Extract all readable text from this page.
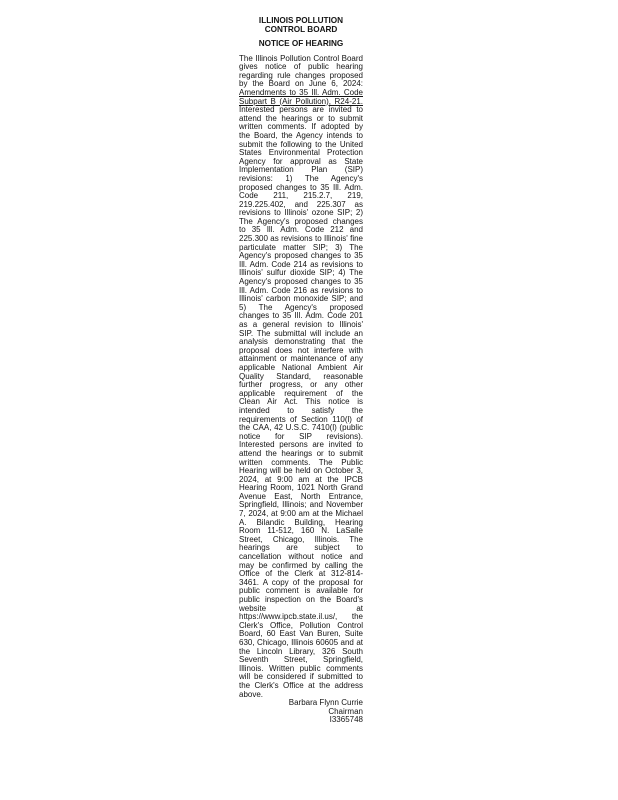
ILLINOIS POLLUTION
CONTROL BOARD
NOTICE OF HEARING

The Illinois Pollution Control Board gives notice of public hearing regarding rule changes proposed by the Board on June 6, 2024: Amendments to 35 Ill. Adm. Code Subpart B (Air Pollution), R24-21. Interested persons are invited to attend the hearings or to submit written comments. If adopted by the Board, the Agency intends to submit the following to the United States Environmental Protection Agency for approval as State Implementation Plan (SIP) revisions: 1) The Agency's proposed changes to 35 Ill. Adm. Code 211, 215.2.7, 219, 219.225.402, and 225.307 as revisions to Illinois' ozone SIP; 2) The Agency's proposed changes to 35 Ill. Adm. Code 212 and 225.300 as revisions to Illinois' fine particulate matter SIP; 3) The Agency's proposed changes to 35 Ill. Adm. Code 214 as revisions to Illinois' sulfur dioxide SIP; 4) The Agency's proposed changes to 35 Ill. Adm. Code 216 as revisions to Illinois' carbon monoxide SIP; and 5) The Agency's proposed changes to 35 Ill. Adm. Code 201 as a general revision to Illinois' SIP. The submittal will include an analysis demonstrating that the proposal does not interfere with attainment or maintenance of any applicable National Ambient Air Quality Standard, reasonable further progress, or any other applicable requirement of the Clean Air Act. This notice is intended to satisfy the requirements of Section 110(l) of the CAA, 42 U.S.C. 7410(l) (public notice for SIP revisions). Interested persons are invited to attend the hearings or to submit written comments. The Public Hearing will be held on October 3, 2024, at 9:00 am at the IPCB Hearing Room, 1021 North Grand Avenue East, North Entrance, Springfield, Illinois; and November 7, 2024, at 9:00 am at the Michael A. Bilandic Building, Hearing Room 11-512, 160 N. LaSalle Street, Chicago, Illinois. The hearings are subject to cancellation without notice and may be confirmed by calling the Office of the Clerk at 312-814-3461. A copy of the proposal for public comment is available for public inspection on the Board's website at https://www.ipcb.state.il.us/, the Clerk's Office, Pollution Control Board, 60 East Van Buren, Suite 630, Chicago, Illinois 60605 and at the Lincoln Library, 326 South Seventh Street, Springfield, Illinois. Written public comments will be considered if submitted to the Clerk's Office at the address above.

Barbara Flynn Currie

Chairman

I3365748
